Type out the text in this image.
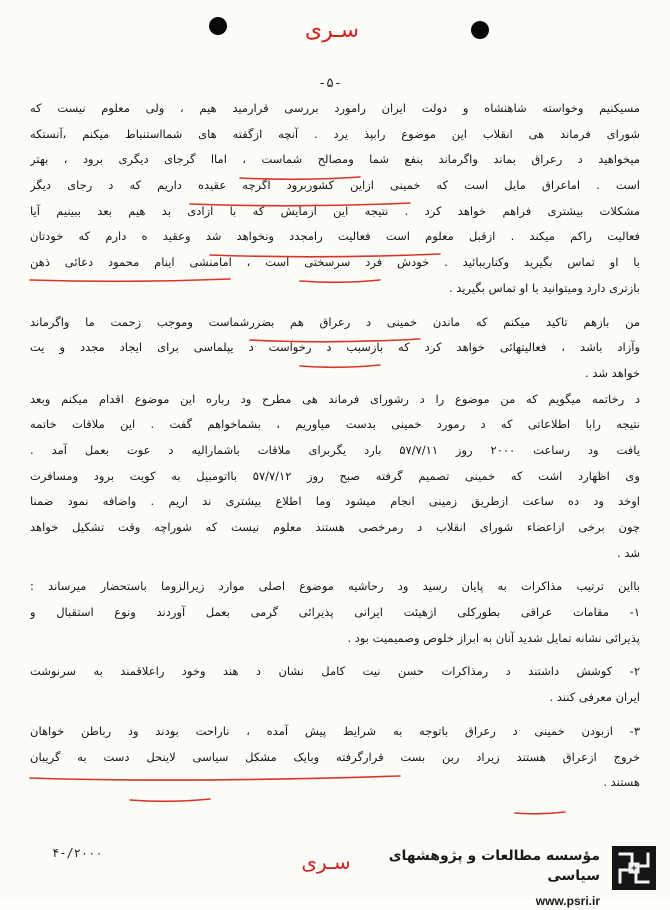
سـری
-۵-
مسیکنیم وخواسته شاهنشاه و دولت ایران رامورد بررسی قرارمید هیم ، ولی معلوم نیست که
شورای فرماند هی انقلاب این موضوع رابپذ یرد . آنچه ازگفته های شمااستنباط میکنم ،آنستکه
میخواهید د رعراق بماند واگرماند بنفع شما ومصالح شماست ، اماا گرجای دیگری برود ، بهتر
است . اماعراق مایل است که خمینی ازاین کشوربرود اگرچه عقیده داریم که د رجای دیگر
مشکلات بیشتری فراهم خواهد کرد . نتیجه این آزمایش که با آزادی بد هیم بعد ببینیم آیا
فعالیت راکم میکند . ازقبل معلوم است فعالیت رامجدد ونخواهد شد وعقید ه دارم که خودتان
با او تماس بگیرید وکنارببائید . خودش فرد سرسختی است ، امامنشی اینام محمود دعائی ذهن
بازتری دارد ومیتوانید با او تماس بگیرید .
من بازهم تاکید میکنم که ماندن خمینی د رعراق هم بضررشماست وموجب زحمت ما واگرماند
وآزاد باشد ، فعالیتهائی خواهد کرد که بازسبب د رخواست د یپلماسی برای ایجاد مجدد و یت
خواهد شد .
د رخاتمه میگویم که من موضوع را د رشورای فرماند هی مطرح ود رباره این موضوع اقدام میکنم وبعد
نتیجه رابا اطلاعاتی که د رمورد خمینی بدست میاوریم ، بشماخواهم گفت . این ملاقات خاتمه
یافت ود رساعت ۲۰۰۰ روز ۵۷/۷/۱۱ بارد یگربرای ملاقات باشمارالیه د عوت بعمل آمد .
وی اظهارد اشت که خمینی تصمیم گرفته صبح روز ۵۷/۷/۱۲ بااتومبیل به کویت برود ومسافرت
اوخد ود ده ساعت ازطریق زمینی انجام میشود وما اطلاع بیشتری ند اریم . واضافه نمود ضمنا
چون برخی ازاعضاء شورای انقلاب د رمرخصی هستند معلوم نیست که شوراچه وقت تشکیل خواهد
شد .
بااین ترتیب مذاکرات به پایان رسید ود رحاشیه موضوع اصلی موارد زیرالزوما باستحضار میرساند :
۱- مقامات عراقی بطورکلی ازهیئت ایرانی پذیرائی گرمی بعمل آوردند ونوع استقبال و
پذیرائی نشانه تمایل شدید آنان به ابراز خلوص وصمیمیت بود .
۲- کوشش داشتند د رمذاکرات حسن نیت کامل نشان د هند وخود راعلاقمند به سرنوشت
ایران معرفی کنند .
۳- ازبودن خمینی د رعراق باتوجه به شرایط پیش آمده ، ناراحت بودند ود رباطن خواهان
خروج ازعراق هستند زیراد ربن بست قرارگرفته وبایک مشکل سیاسی لاینحل دست به گریبان
هستند .
۴-/۲۰۰۰	سـری	مؤسسه مطالعات و پژوهشهای سیاسی
www.psri.ir
